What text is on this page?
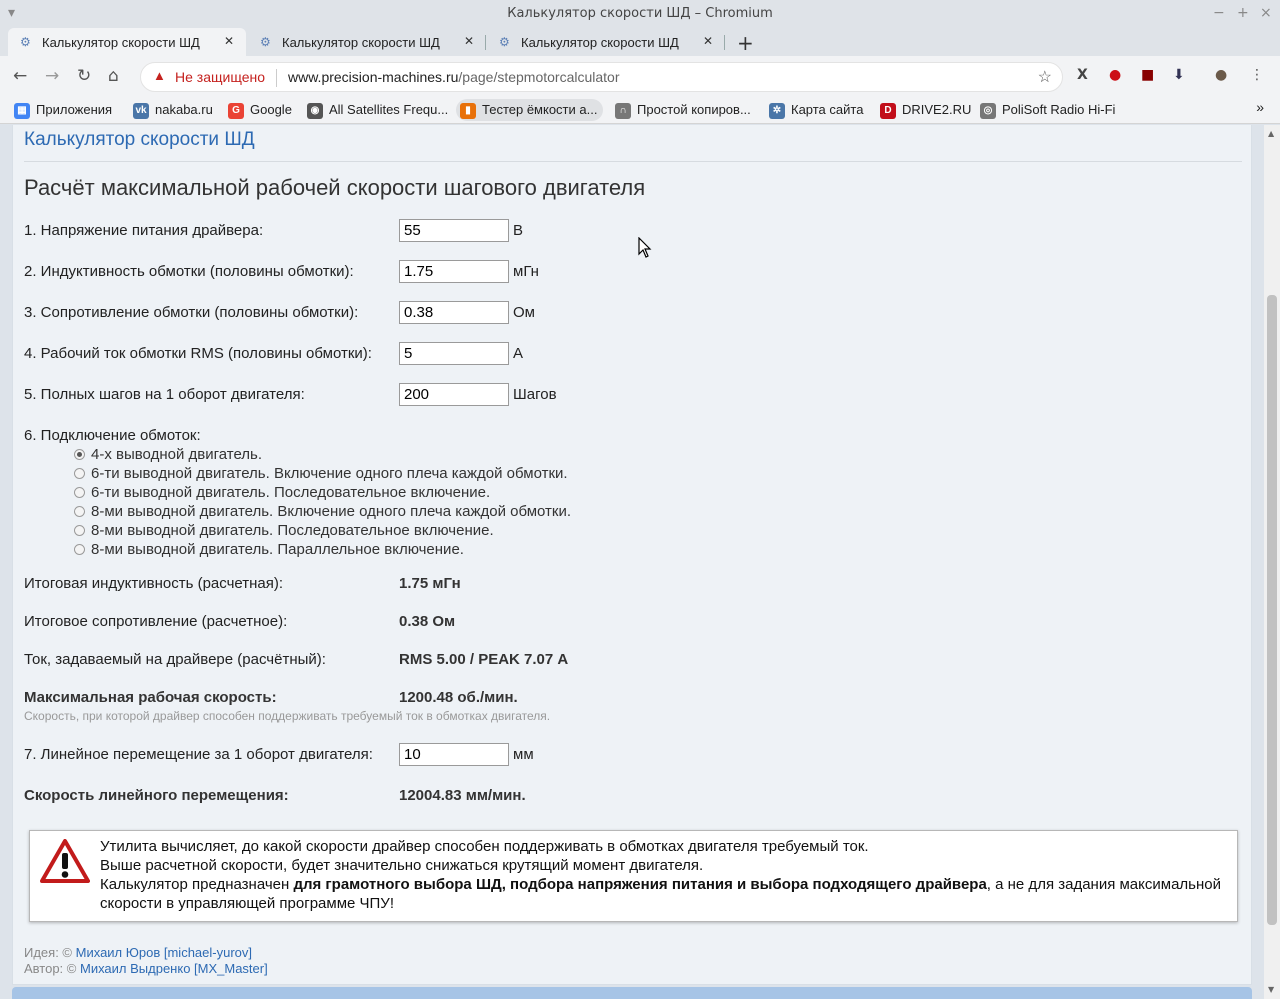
▾	Калькулятор скорости ШД – Chromium	− + ×
⚙ Калькулятор скорости ШД ✕ ⚙ Калькулятор скорости ШД ✕ ⚙ Калькулятор скорости ШД ✕ +
← → ↻ ⌂	▲ Не защищено www.precision-machines.ru/page/stepmotorcalculator	☆ X ● ■ ⬇ ● ⋮
▦ Приложения	vk nakaba.ru	G Google	◉ All Satellites Frequ...	▮ Тестер ёмкости а...	∩ Простой копиров...	✲ Карта сайта	D DRIVE2.RU	◎ PoliSoft Radio Hi-Fi	»
Калькулятор скорости ШД
Расчёт максимальной рабочей скорости шагового двигателя
1. Напряжение питания драйвера:
55	В
2. Индуктивность обмотки (половины обмотки):
1.75	мГн
3. Сопротивление обмотки (половины обмотки):
0.38	Ом
4. Рабочий ток обмотки RMS (половины обмотки):
5	А
5. Полных шагов на 1 оборот двигателя:
200	Шагов
6. Подключение обмоток:
4-х выводной двигатель.
6-ти выводной двигатель. Включение одного плеча каждой обмотки.
6-ти выводной двигатель. Последовательное включение.
8-ми выводной двигатель. Включение одного плеча каждой обмотки.
8-ми выводной двигатель. Последовательное включение.
8-ми выводной двигатель. Параллельное включение.
Итоговая индуктивность (расчетная):	1.75 мГн
Итоговое сопротивление (расчетное):	0.38 Ом
Ток, задаваемый на драйвере (расчётный):	RMS 5.00 / PEAK 7.07 А
Максимальная рабочая скорость:	1200.48 об./мин.
Скорость, при которой драйвер способен поддерживать требуемый ток в обмотках двигателя.
7. Линейное перемещение за 1 оборот двигателя:
10	мм
Скорость линейного перемещения:	12004.83 мм/мин.
Утилита вычисляет, до какой скорости драйвер способен поддерживать в обмотках двигателя требуемый ток.
Выше расчетной скорости, будет значительно снижаться крутящий момент двигателя.
Калькулятор предназначен для грамотного выбора ШД, подбора напряжения питания и выбора подходящего драйвера, а не для задания максимальной скорости в управляющей программе ЧПУ!
Идея: © Михаил Юров [michael-yurov]
Автор: © Михаил Выдренко [MX_Master]
▲
▼
